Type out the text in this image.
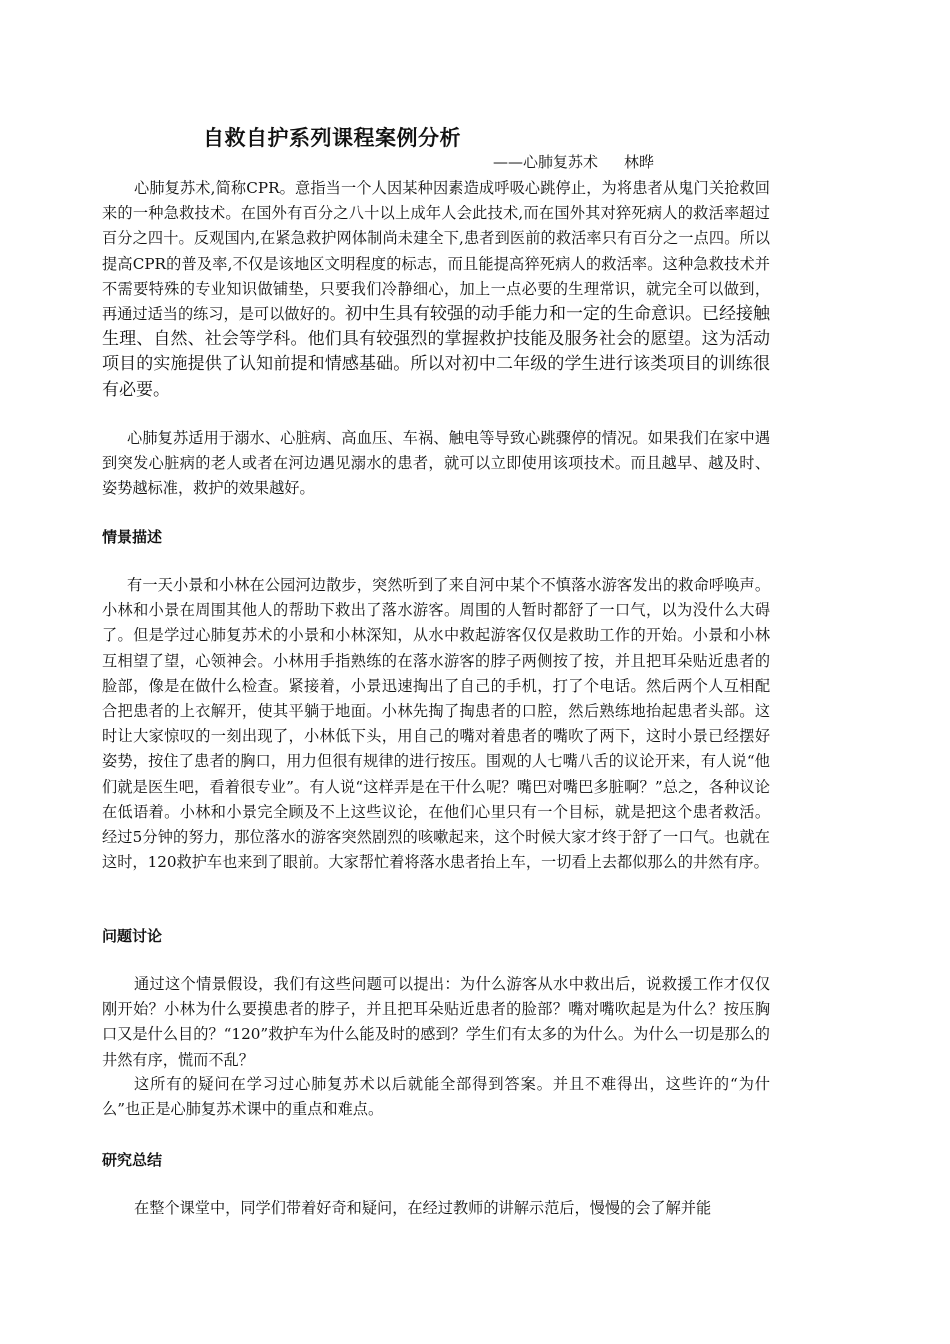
自救自护系列课程案例分析
——心肺复苏术 林晔

心肺复苏术,简称CPR。意指当一个人因某种因素造成呼吸心跳停止，为将患者从鬼门关抢救回来的一种急救技术。在国外有百分之八十以上成年人会此技术,而在国外其对猝死病人的救活率超过百分之四十。反观国内,在紧急救护网体制尚未建全下,患者到医前的救活率只有百分之一点四。所以提高CPR的普及率,不仅是该地区文明程度的标志，而且能提高猝死病人的救活率。这种急救技术并不需要特殊的专业知识做铺垫，只要我们冷静细心，加上一点必要的生理常识，就完全可以做到，再通过适当的练习，是可以做好的。初中生具有较强的动手能力和一定的生命意识。已经接触生理、自然、社会等学科。他们具有较强烈的掌握救护技能及服务社会的愿望。这为活动项目的实施提供了认知前提和情感基础。所以对初中二年级的学生进行该类项目的训练很有必要。

心肺复苏适用于溺水、心脏病、高血压、车祸、触电等导致心跳骤停的情况。如果我们在家中遇到突发心脏病的老人或者在河边遇见溺水的患者，就可以立即使用该项技术。而且越早、越及时、姿势越标准，救护的效果越好。

情景描述

有一天小景和小林在公园河边散步，突然听到了来自河中某个不慎落水游客发出的救命呼唤声。小林和小景在周围其他人的帮助下救出了落水游客。周围的人暂时都舒了一口气，以为没什么大碍了。但是学过心肺复苏术的小景和小林深知，从水中救起游客仅仅是救助工作的开始。小景和小林互相望了望，心领神会。小林用手指熟练的在落水游客的脖子两侧按了按，并且把耳朵贴近患者的脸部，像是在做什么检查。紧接着，小景迅速掏出了自己的手机，打了个电话。然后两个人互相配合把患者的上衣解开，使其平躺于地面。小林先掏了掏患者的口腔，然后熟练地抬起患者头部。这时让大家惊叹的一刻出现了，小林低下头，用自己的嘴对着患者的嘴吹了两下，这时小景已经摆好姿势，按住了患者的胸口，用力但很有规律的进行按压。围观的人七嘴八舌的议论开来，有人说“他们就是医生吧，看着很专业”。有人说“这样弄是在干什么呢？嘴巴对嘴巴多脏啊？”总之，各种议论在低语着。小林和小景完全顾及不上这些议论，在他们心里只有一个目标，就是把这个患者救活。经过5分钟的努力，那位落水的游客突然剧烈的咳嗽起来，这个时候大家才终于舒了一口气。也就在这时，120救护车也来到了眼前。大家帮忙着将落水患者抬上车，一切看上去都似那么的井然有序。

问题讨论

通过这个情景假设，我们有这些问题可以提出：为什么游客从水中救出后，说救援工作才仅仅刚开始？小林为什么要摸患者的脖子，并且把耳朵贴近患者的脸部？嘴对嘴吹起是为什么？按压胸口又是什么目的？“120”救护车为什么能及时的感到？学生们有太多的为什么。为什么一切是那么的井然有序，慌而不乱？

这所有的疑问在学习过心肺复苏术以后就能全部得到答案。并且不难得出，这些许的“为什么”也正是心肺复苏术课中的重点和难点。

研究总结

在整个课堂中，同学们带着好奇和疑问，在经过教师的讲解示范后，慢慢的会了解并能
